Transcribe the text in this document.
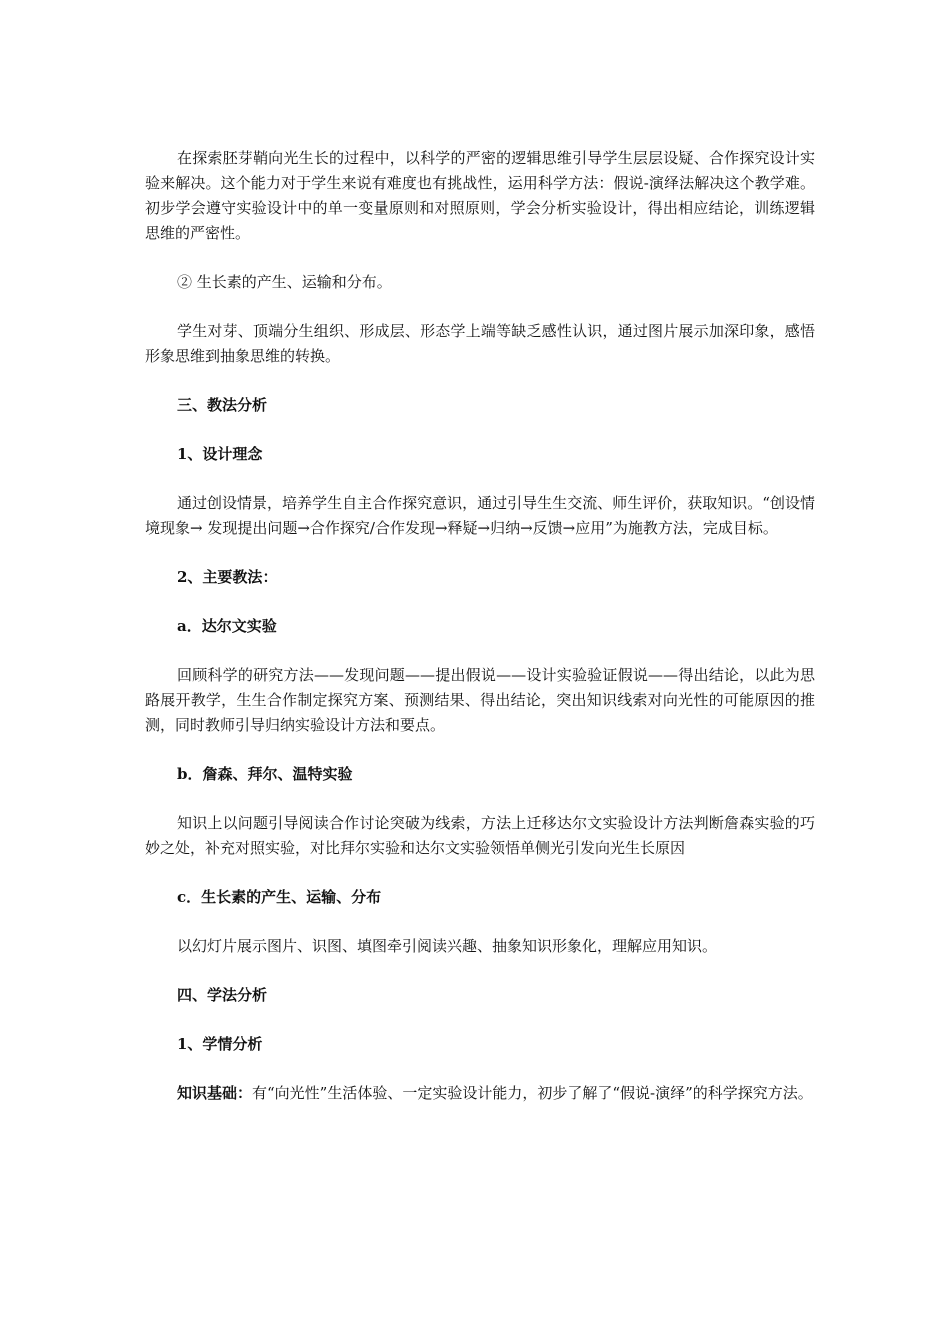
在探索胚芽鞘向光生长的过程中，以科学的严密的逻辑思维引导学生层层设疑、合作探究设计实验来解决。这个能力对于学生来说有难度也有挑战性，运用科学方法：假说-演绎法解决这个教学难。初步学会遵守实验设计中的单一变量原则和对照原则，学会分析实验设计，得出相应结论，训练逻辑思维的严密性。

② 生长素的产生、运输和分布。

学生对芽、顶端分生组织、形成层、形态学上端等缺乏感性认识，通过图片展示加深印象，感悟形象思维到抽象思维的转换。

三、教法分析

1、设计理念

通过创设情景，培养学生自主合作探究意识，通过引导生生交流、师生评价，获取知识。“创设情境现象→ 发现提出问题→合作探究/合作发现→释疑→归纳→反馈→应用”为施教方法，完成目标。

2、主要教法：

a．达尔文实验

回顾科学的研究方法——发现问题——提出假说——设计实验验证假说——得出结论，以此为思路展开教学，生生合作制定探究方案、预测结果、得出结论，突出知识线索对向光性的可能原因的推测，同时教师引导归纳实验设计方法和要点。

b．詹森、拜尔、温特实验

知识上以问题引导阅读合作讨论突破为线索，方法上迁移达尔文实验设计方法判断詹森实验的巧妙之处，补充对照实验，对比拜尔实验和达尔文实验领悟单侧光引发向光生长原因

c．生长素的产生、运输、分布

以幻灯片展示图片、识图、填图牵引阅读兴趣、抽象知识形象化，理解应用知识。

四、学法分析

1、学情分析

知识基础：有“向光性”生活体验、一定实验设计能力，初步了解了“假说-演绎”的科学探究方法。
